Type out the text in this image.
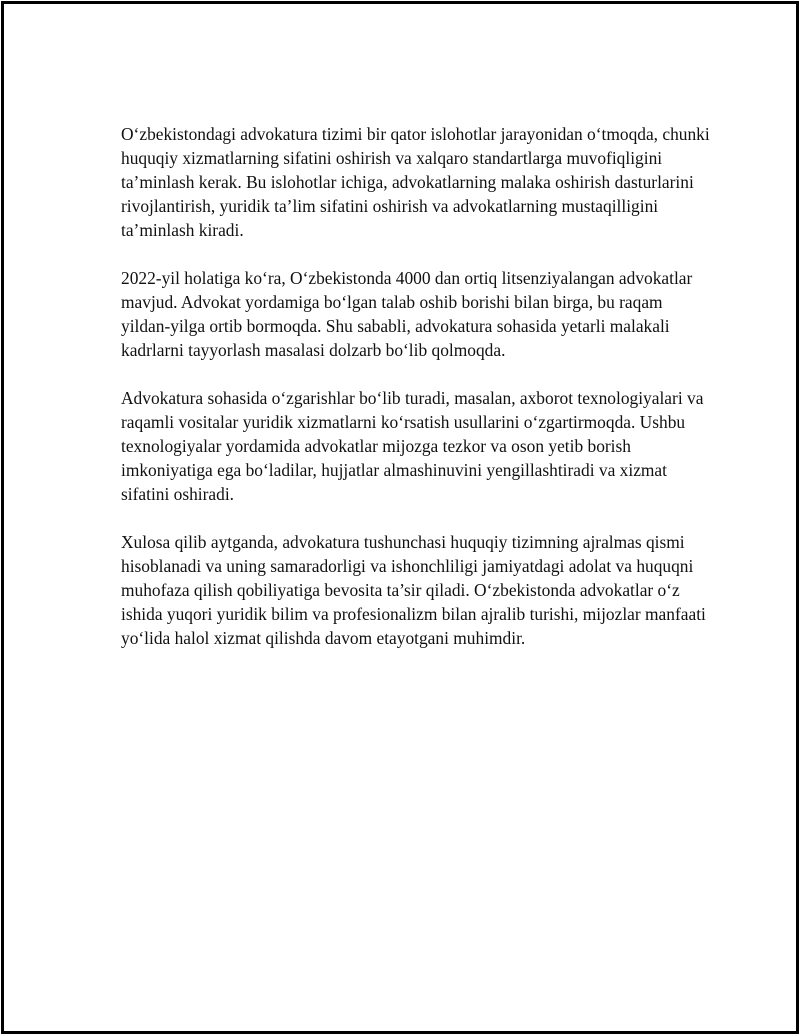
O‘zbekistondagi advokatura tizimi bir qator islohotlar jarayonidan o‘tmoqda, chunki huquqiy xizmatlarning sifatini oshirish va xalqaro standartlarga muvofiqligini ta’minlash kerak. Bu islohotlar ichiga, advokatlarning malaka oshirish dasturlarini rivojlantirish, yuridik ta’lim sifatini oshirish va advokatlarning mustaqilligini ta’minlash kiradi.

2022-yil holatiga ko‘ra, O‘zbekistonda 4000 dan ortiq litsenziyalangan advokatlar mavjud. Advokat yordamiga bo‘lgan talab oshib borishi bilan birga, bu raqam yildan-yilga ortib bormoqda. Shu sababli, advokatura sohasida yetarli malakali kadrlarni tayyorlash masalasi dolzarb bo‘lib qolmoqda.

Advokatura sohasida o‘zgarishlar bo‘lib turadi, masalan, axborot texnologiyalari va raqamli vositalar yuridik xizmatlarni ko‘rsatish usullarini o‘zgartirmoqda. Ushbu texnologiyalar yordamida advokatlar mijozga tezkor va oson yetib borish imkoniyatiga ega bo‘ladilar, hujjatlar almashinuvini yengillashtiradi va xizmat sifatini oshiradi.

Xulosa qilib aytganda, advokatura tushunchasi huquqiy tizimning ajralmas qismi hisoblanadi va uning samaradorligi va ishonchliligi jamiyatdagi adolat va huquqni muhofaza qilish qobiliyatiga bevosita ta’sir qiladi. O‘zbekistonda advokatlar o‘z ishida yuqori yuridik bilim va profesionalizm bilan ajralib turishi, mijozlar manfaati yo‘lida halol xizmat qilishda davom etayotgani muhimdir.
